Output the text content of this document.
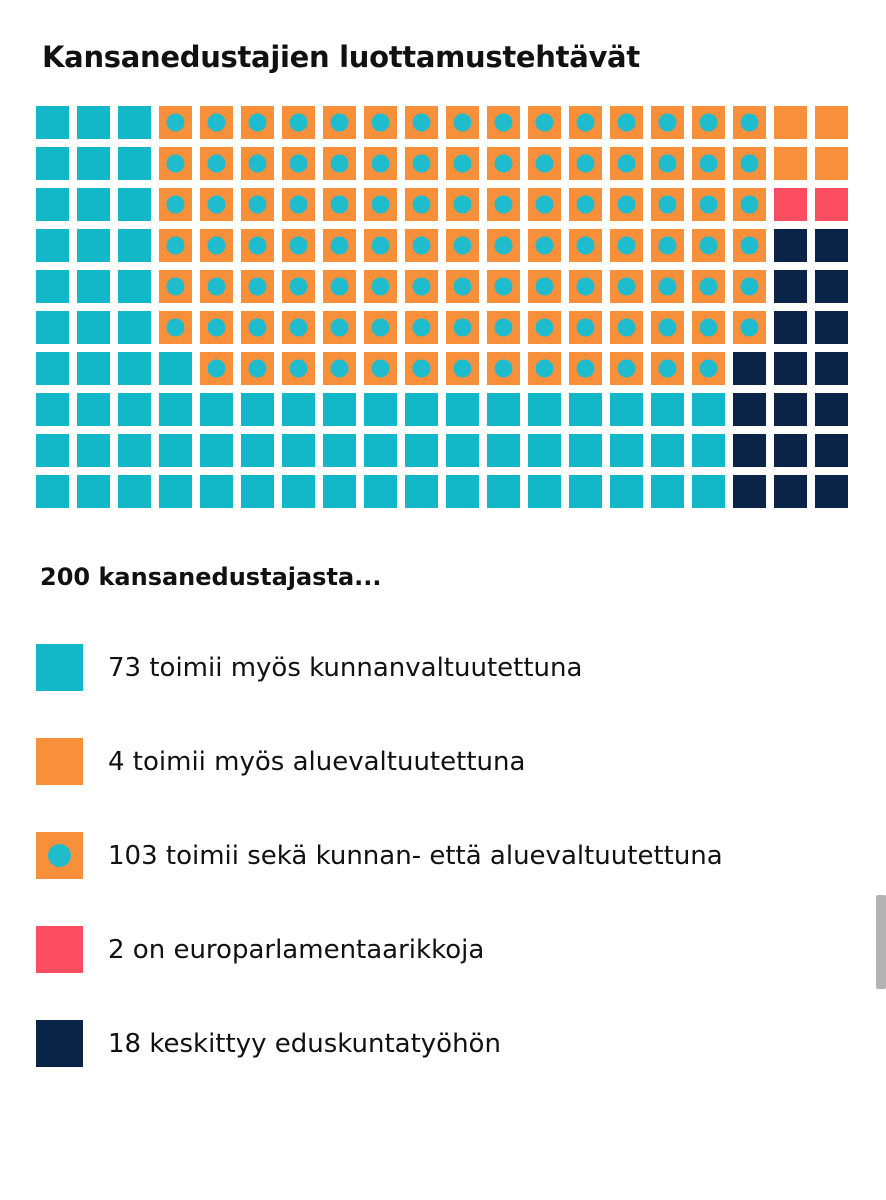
Kansanedustajien luottamustehtävät
200 kansanedustajasta...
73 toimii myös kunnanvaltuutettuna
4 toimii myös aluevaltuutettuna
103 toimii sekä kunnan- että aluevaltuutettuna
2 on europarlamentaarikkoja
18 keskittyy eduskuntatyöhön
